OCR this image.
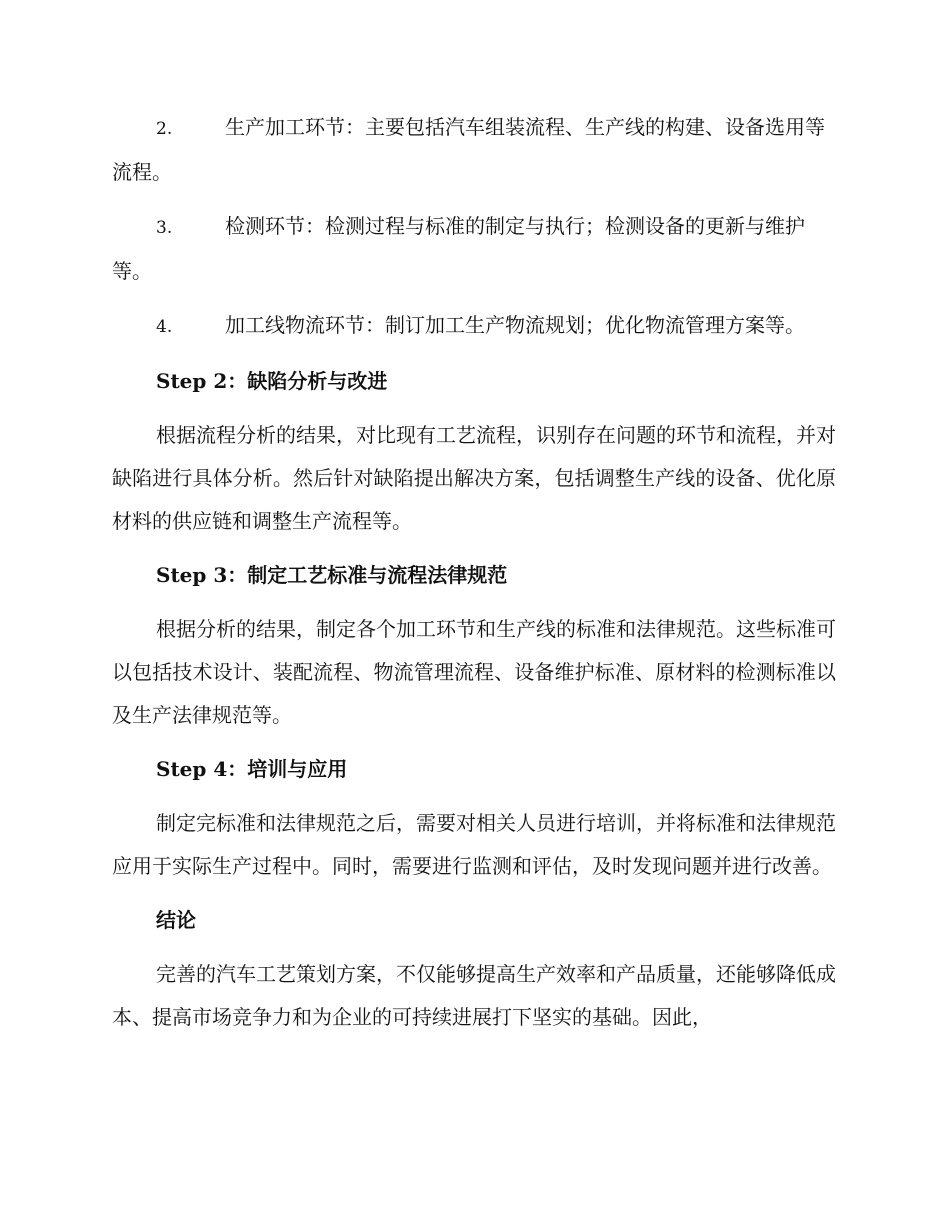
2.	生产加工环节：主要包括汽车组装流程、生产线的构建、设备选用等流程。
3.	检测环节：检测过程与标准的制定与执行；检测设备的更新与维护等。
4.	加工线物流环节：制订加工生产物流规划；优化物流管理方案等。
Step 2：缺陷分析与改进
根据流程分析的结果，对比现有工艺流程，识别存在问题的环节和流程，并对缺陷进行具体分析。然后针对缺陷提出解决方案，包括调整生产线的设备、优化原材料的供应链和调整生产流程等。
Step 3：制定工艺标准与流程法律规范
根据分析的结果，制定各个加工环节和生产线的标准和法律规范。这些标准可以包括技术设计、装配流程、物流管理流程、设备维护标准、原材料的检测标准以及生产法律规范等。
Step 4：培训与应用
制定完标准和法律规范之后，需要对相关人员进行培训，并将标准和法律规范应用于实际生产过程中。同时，需要进行监测和评估，及时发现问题并进行改善。
结论
完善的汽车工艺策划方案，不仅能够提高生产效率和产品质量，还能够降低成本、提高市场竞争力和为企业的可持续进展打下坚实的基础。因此，
